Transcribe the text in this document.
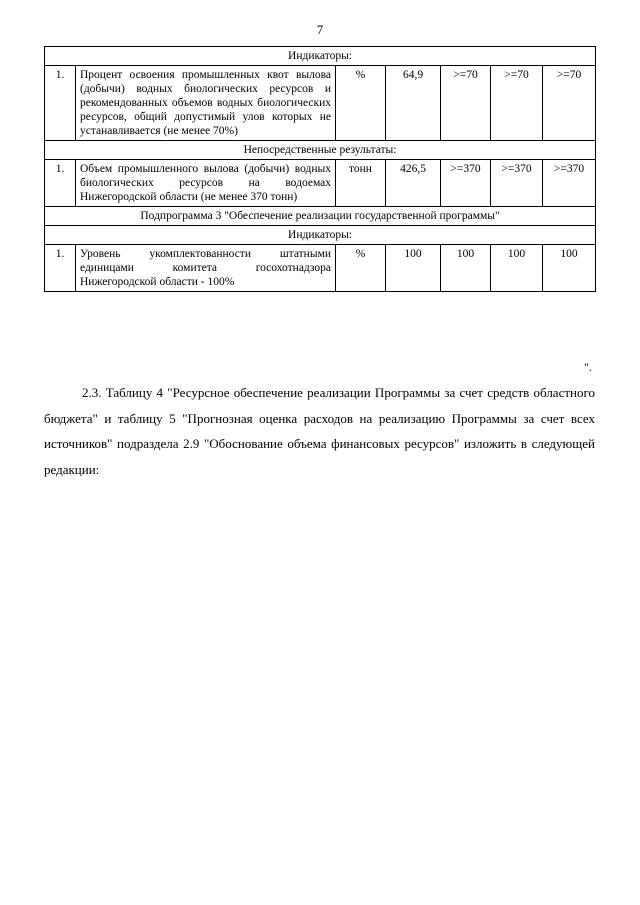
7
Индикаторы:						
1.	Процент освоения промышленных квот вылова (добычи) водных биологических ресурсов и рекомендованных объемов водных биологических ресурсов, общий допустимый улов которых не устанавливается (не менее 70%)	%	64,9	>=70	>=70	>=70
Непосредственные результаты:						
1.	Объем промышленного вылова (добычи) водных биологических ресурсов на водоемах Нижегородской области (не менее 370 тонн)	тонн	426,5	>=370	>=370	>=370
Подпрограмма 3 "Обеспечение реализации государственной программы"						
Индикаторы:						
1.	Уровень укомплектованности штатными единицами комитета госохотнадзора Нижегородской области - 100%	%	100	100	100	100
".

2.3. Таблицу 4 "Ресурсное обеспечение реализации Программы за счет средств областного бюджета" и таблицу 5 "Прогнозная оценка расходов на реализацию Программы за счет всех источников" подраздела 2.9 "Обоснование объема финансовых ресурсов" изложить в следующей редакции:
